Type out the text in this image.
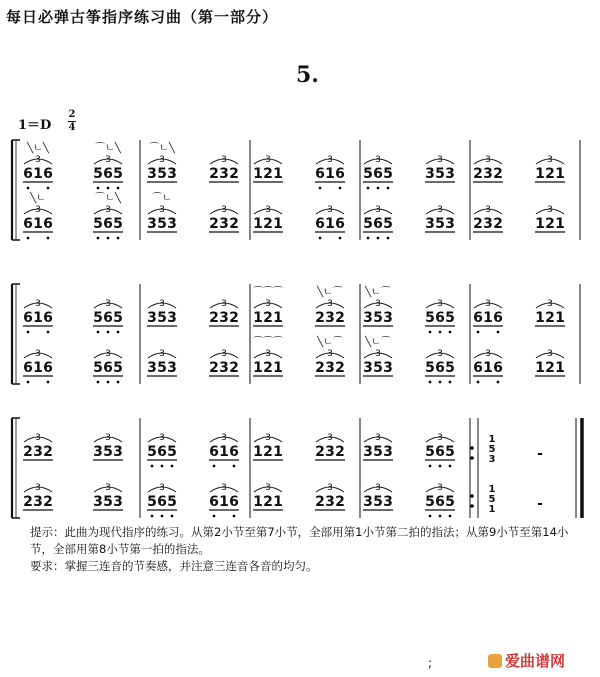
每日必弹古筝指序练习曲（第一部分）
5.
1＝D
2
4
6 1 6
3
╲ㄴ╲
5 6 5
3
⌒ㄴ╲
3 5 3
3
⌒ㄴ╲
2 3 2
3
1 2 1
3
6 1 6
3
5 6 5
3
3 5 3
3
2 3 2
3
1 2 1
3
6 1 6
3
╲ㄴ
5 6 5
3
⌒ㄴ╲
3 5 3
3
⌒ㄴ
2 3 2
3
1 2 1
3
6 1 6
3
5 6 5
3
3 5 3
3
2 3 2
3
1 2 1
3
6 1 6
3
5 6 5
3
3 5 3
3
2 3 2
3
1 2 1
3
⌒⌒⌒
2 3 2
3
╲ㄴ⌒
3 5 3
3
╲ㄴ⌒
5 6 5
3
6 1 6
3
1 2 1
3
6 1 6
3
5 6 5
3
3 5 3
3
2 3 2
3
1 2 1
3
⌒⌒⌒
2 3 2
3
╲ㄴ⌒
3 5 3
3
╲ㄴ⌒
5 6 5
3
6 1 6
3
1 2 1
3
2 3 2
3
3 5 3
3
5 6 5
3
6 1 6
3
1 2 1
3
2 3 2
3
3 5 3
3
5 6 5
3
2 3 2
3
3 5 3
3
5 6 5
3
6 1 6
3
1 2 1
3
2 3 2
3
3 5 3
3
5 6 5
3
1
5
3
1
5
1
-
-

提示：此曲为现代指序的练习。从第2小节至第7小节，全部用第1小节第二拍的指法；从第9小节至第14小节，全部用第8小节第一拍的指法。

要求：掌握三连音的节奏感，并注意三连音各音的均匀。

;	爱曲谱网
